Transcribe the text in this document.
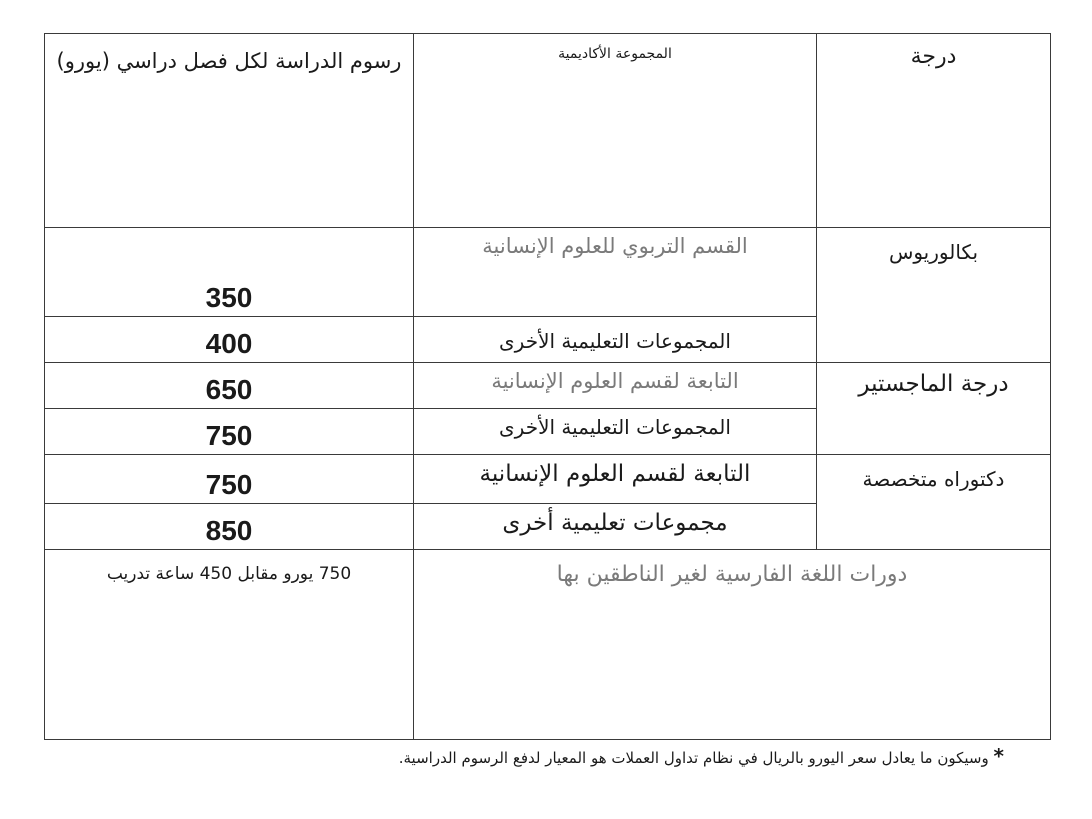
رسوم الدراسة لكل فصل دراسي (يورو)	المجموعة الأكاديمية	درجة
350	القسم التربوي للعلوم الإنسانية	بكالوريوس
400	المجموعات التعليمية الأخرى	
650	التابعة لقسم العلوم الإنسانية	درجة الماجستير
750	المجموعات التعليمية الأخرى	
750	التابعة لقسم العلوم الإنسانية	دكتوراه متخصصة
850	مجموعات تعليمية أخرى	
750 يورو مقابل 450 ساعة تدريب	دورات اللغة الفارسية لغير الناطقين بها	
* وسيكون ما يعادل سعر اليورو بالريال في نظام تداول العملات هو المعيار لدفع الرسوم الدراسية.
